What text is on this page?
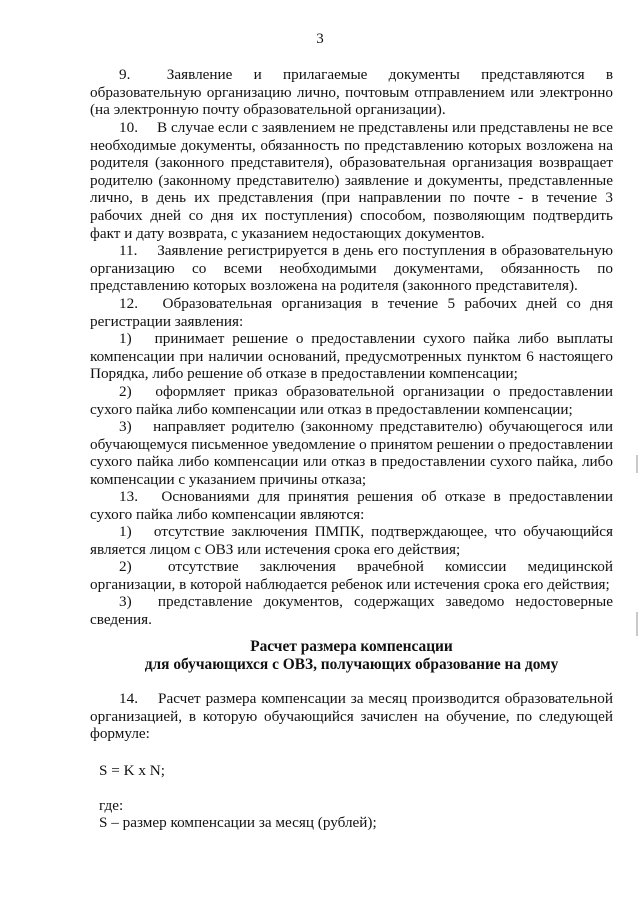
3

9.  Заявление и прилагаемые документы представляются в образовательную организацию лично, почтовым отправлением или электронно (на электронную почту образовательной организации).

10.  В случае если с заявлением не представлены или представлены не все необходимые документы, обязанность по представлению которых возложена на родителя (законного представителя), образовательная организация возвращает родителю (законному представителю) заявление и документы, представленные лично, в день их представления (при направлении по почте - в течение 3 рабочих дней со дня их поступления) способом, позволяющим подтвердить факт и дату возврата, с указанием недостающих документов.

11.  Заявление регистрируется в день его поступления в образовательную организацию со всеми необходимыми документами, обязанность по представлению которых возложена на родителя (законного представителя).

12.  Образовательная организация в течение 5 рабочих дней со дня регистрации заявления:

1)  принимает решение о предоставлении сухого пайка либо выплаты компенсации при наличии оснований, предусмотренных пунктом 6 настоящего Порядка, либо решение об отказе в предоставлении компенсации;

2)  оформляет приказ образовательной организации о предоставлении сухого пайка либо компенсации или отказ в предоставлении компенсации;

3)  направляет родителю (законному представителю) обучающегося или обучающемуся письменное уведомление о принятом решении о предоставлении сухого пайка либо компенсации или отказ в предоставлении сухого пайка, либо компенсации с указанием причины отказа;

13.  Основаниями для принятия решения об отказе в предоставлении сухого пайка либо компенсации являются:

1)  отсутствие заключения ПМПК, подтверждающее, что обучающийся является лицом с ОВЗ или истечения срока его действия;

2)  отсутствие заключения врачебной комиссии медицинской организации, в которой наблюдается ребенок или истечения срока его действия;

3)  представление документов, содержащих заведомо недостоверные сведения.

Расчет размера компенсации
для обучающихся с ОВЗ, получающих образование на дому

14.  Расчет размера компенсации за месяц производится образовательной организацией, в которую обучающийся зачислен на обучение, по следующей формуле:

S = K x N;

где:

S – размер компенсации за месяц (рублей);
